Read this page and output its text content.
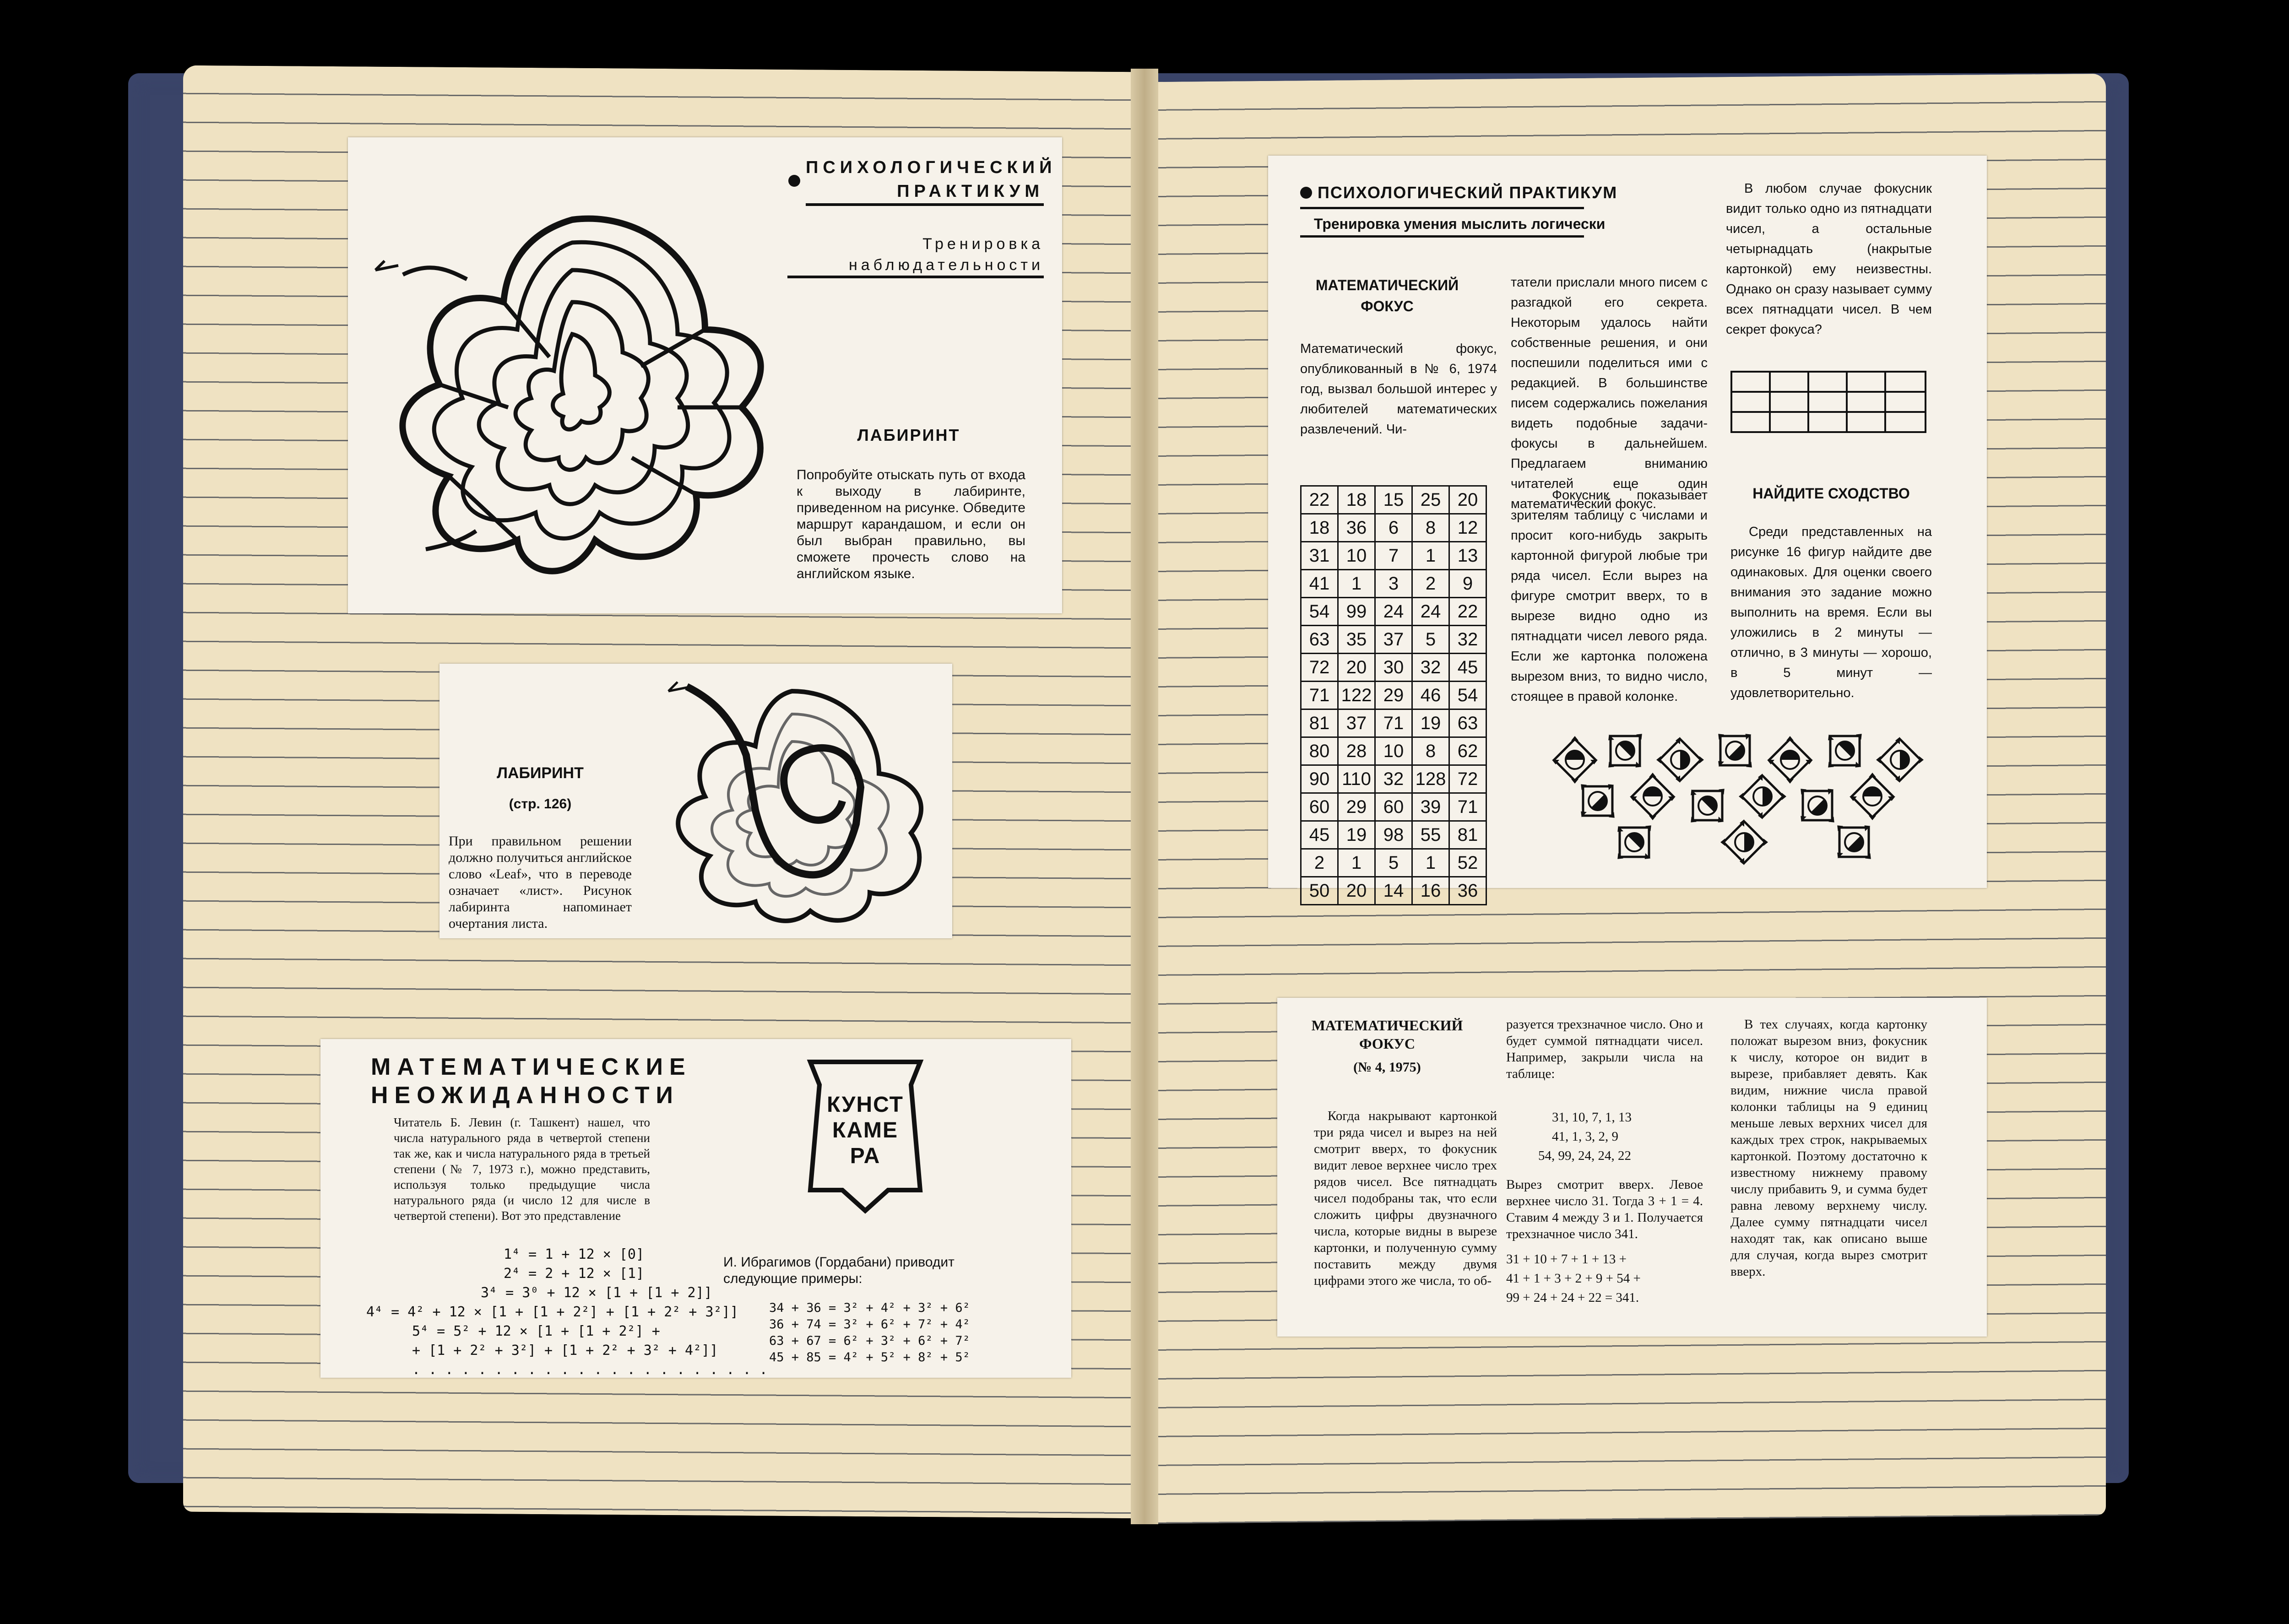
ПСИХОЛОГИЧЕСКИЙ ПРАКТИКУМ
Тренировка наблюдательности
ЛАБИРИНТ
Попробуйте отыскать путь от входа к выходу в лабиринте, приведенном на рисунке. Обведите маршрут карандашом, и если он был выбран правильно, вы сможете прочесть слово на английском языке.
ЛАБИРИНТ
(стр. 126)
При правильном решении должно получиться английское слово «Leaf», что в переводе означает «лист». Рисунок лабиринта напоминает очертания листа.
МАТЕМАТИЧЕСКИЕ НЕОЖИДАННОСТИ
Читатель Б. Левин (г. Ташкент) нашел, что числа натурального ряда в четвертой степени так же, как и числа натурального ряда в третьей степени (№ 7, 1973 г.), можно представить, используя только предыдущие числа натурального ряда (и число 12 для числе в четвертой степени). Вот это представление
1⁴ = 1 + 12 × [0]
2⁴ = 2 + 12 × [1]
3⁴ = 3⁰ + 12 × [1 + [1 + 2]]
4⁴ = 4² + 12 × [1 + [1 + 2²] + [1 + 2² + 3²]]
5⁴ = 5² + 12 × [1 + [1 + 2²] +
+ [1 + 2² + 3²] + [1 + 2² + 3² + 4²]]
. . . . . . . . . . . . . . . . . . . . . .
КУНСТ
КАМЕ
РА
И. Ибрагимов (Гордабани) приводит следующие примеры:
34 + 36 = 3² + 4² + 3² + 6²
36 + 74 = 3² + 6² + 7² + 4²
63 + 67 = 6² + 3² + 6² + 7²
45 + 85 = 4² + 5² + 8² + 5²
ПСИХОЛОГИЧЕСКИЙ ПРАКТИКУМ
Тренировка умения мыслить логически
МАТЕМАТИЧЕСКИЙ ФОКУС
Математический фокус, опубликованный в № 6, 1974 год, вызвал большой интерес у любителей математических развлечений. Чи-
татели прислали много писем с разгадкой его секрета. Некоторым удалось найти собственные решения, и они поспешили поделиться ими с редакцией. В большинстве писем содержались пожелания видеть подобные задачи-фокусы в дальнейшем. Предлагаем вниманию читателей еще один математический фокус.
Фокусник показывает зрителям таблицу с числами и просит кого-нибудь закрыть картонной фигурой любые три ряда чисел. Если вырез на фигуре смотрит вверх, то в вырезе видно одно из пятнадцати чисел левого ряда. Если же картонка положена вырезом вниз, то видно число, стоящее в правой колонке.
22	18	15	25	20
18	36	6	8	12
31	10	7	1	13
41	1	3	2	9
54	99	24	24	22
63	35	37	5	32
72	20	30	32	45
71	122	29	46	54
81	37	71	19	63
80	28	10	8	62
90	110	32	128	72
60	29	60	39	71
45	19	98	55	81
2	1	5	1	52
50	20	14	16	36
В любом случае фокусник видит только одно из пятнадцати чисел, а остальные четырнадцать (накрытые картонкой) ему неизвестны. Однако он сразу называет сумму всех пятнадцати чисел. В чем секрет фокуса?
НАЙДИТЕ СХОДСТВО
Среди представленных на рисунке 16 фигур найдите две одинаковых. Для оценки своего внимания это задание можно выполнить на время. Если вы уложились в 2 минуты — отлично, в 3 минуты — хорошо, в 5 минут — удовлетворительно.
МАТЕМАТИЧЕСКИЙ ФОКУС
(№ 4, 1975)
Когда накрывают картонкой три ряда чисел и вырез на ней смотрит вверх, то фокусник видит левое верхнее число трех рядов чисел. Все пятнадцать чисел подобраны так, что если сложить цифры двузначного числа, которые видны в вырезе картонки, и полученную сумму поставить между двумя цифрами этого же числа, то об-
разуется трехзначное число. Оно и будет суммой пятнадцати чисел. Например, закрыли числа на таблице:
31, 10, 7, 1, 13
41, 1, 3, 2, 9
54, 99, 24, 24, 22
Вырез смотрит вверх. Левое верхнее число 31. Тогда 3 + 1 = 4. Ставим 4 между 3 и 1. Получается трехзначное число 341.
31 + 10 + 7 + 1 + 13 +
41 + 1 + 3 + 2 + 9 + 54 +
99 + 24 + 24 + 22 = 341.
В тех случаях, когда картонку положат вырезом вниз, фокусник к числу, которое он видит в вырезе, прибавляет девять. Как видим, нижние числа правой колонки таблицы на 9 единиц меньше левых верхних чисел для каждых трех строк, накрываемых картонкой. Поэтому достаточно к известному нижнему правому числу прибавить 9, и сумма будет равна левому верхнему числу. Далее сумму пятнадцати чисел находят так, как описано выше для случая, когда вырез смотрит вверх.
